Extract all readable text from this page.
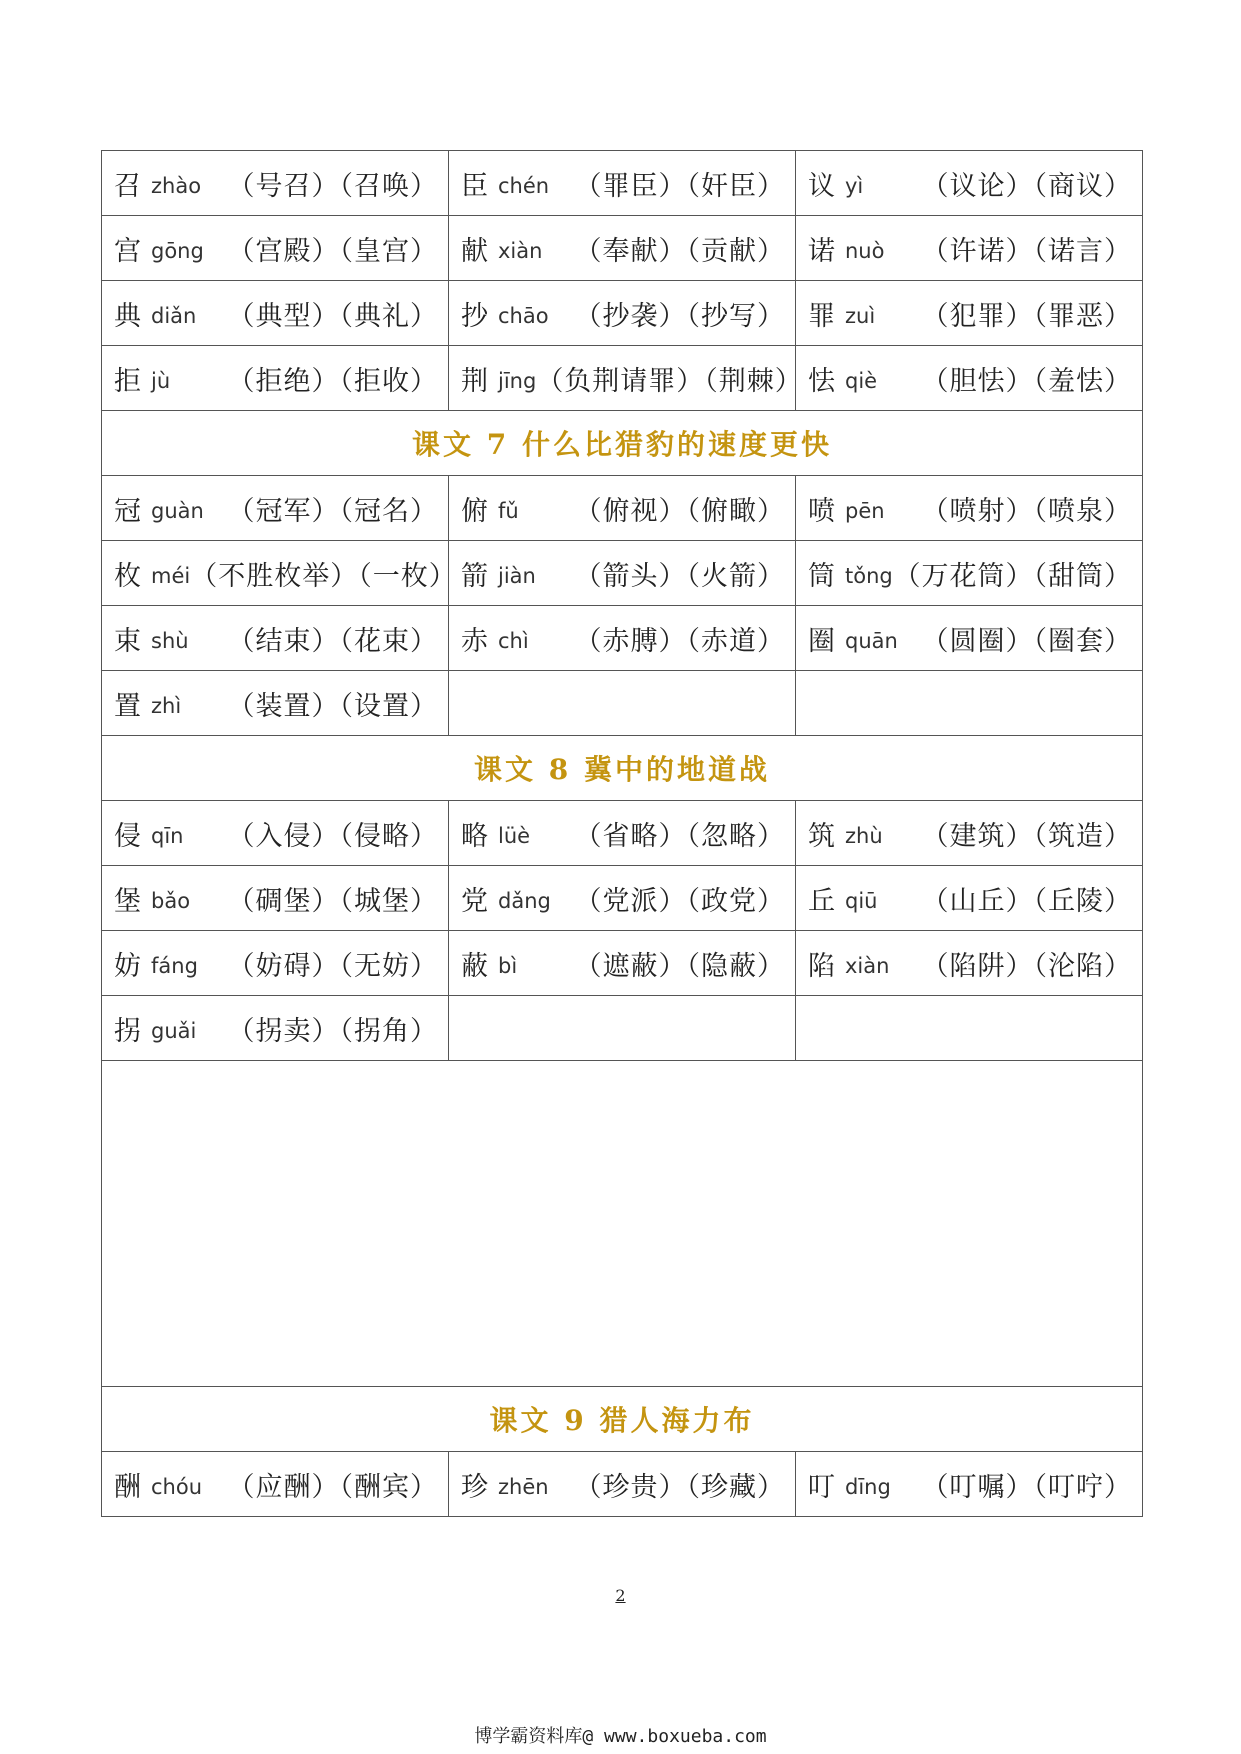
召 zhào （号召）（召唤）	臣 chén （罪臣）（奸臣）	议 yì （议论）（商议）

宫 gōng （宫殿）（皇宫）	献 xiàn （奉献）（贡献）	诺 nuò （许诺）（诺言）

典 diǎn （典型）（典礼）	抄 chāo （抄袭）（抄写）	罪 zuì （犯罪）（罪恶）

拒 jù （拒绝）（拒收）	荆 jīng （负荆请罪）（荆棘）	怯 qiè （胆怯）（羞怯）

课文 7 什么比猎豹的速度更快		

冠 guàn （冠军）（冠名）	俯 fǔ （俯视）（俯瞰）	喷 pēn （喷射）（喷泉）

枚 méi （不胜枚举）（一枚）	箭 jiàn （箭头）（火箭）	筒 tǒng （万花筒）（甜筒）

束 shù （结束）（花束）	赤 chì （赤膊）（赤道）	圈 quān （圆圈）（圈套）

置 zhì （装置）（设置）		

课文 8 冀中的地道战		

侵 qīn （入侵）（侵略）	略 lüè （省略）（忽略）	筑 zhù （建筑）（筑造）

堡 bǎo （碉堡）（城堡）	党 dǎng （党派）（政党）	丘 qiū （山丘）（丘陵）

妨 fáng （妨碍）（无妨）	蔽 bì （遮蔽）（隐蔽）	陷 xiàn （陷阱）（沦陷）

拐 guǎi （拐卖）（拐角）		

课文 9 猎人海力布		

酬 chóu （应酬）（酬宾）	珍 zhēn （珍贵）（珍藏）	叮 dīng （叮嘱）（叮咛）
2
博学霸资料库@ www.boxueba.com
